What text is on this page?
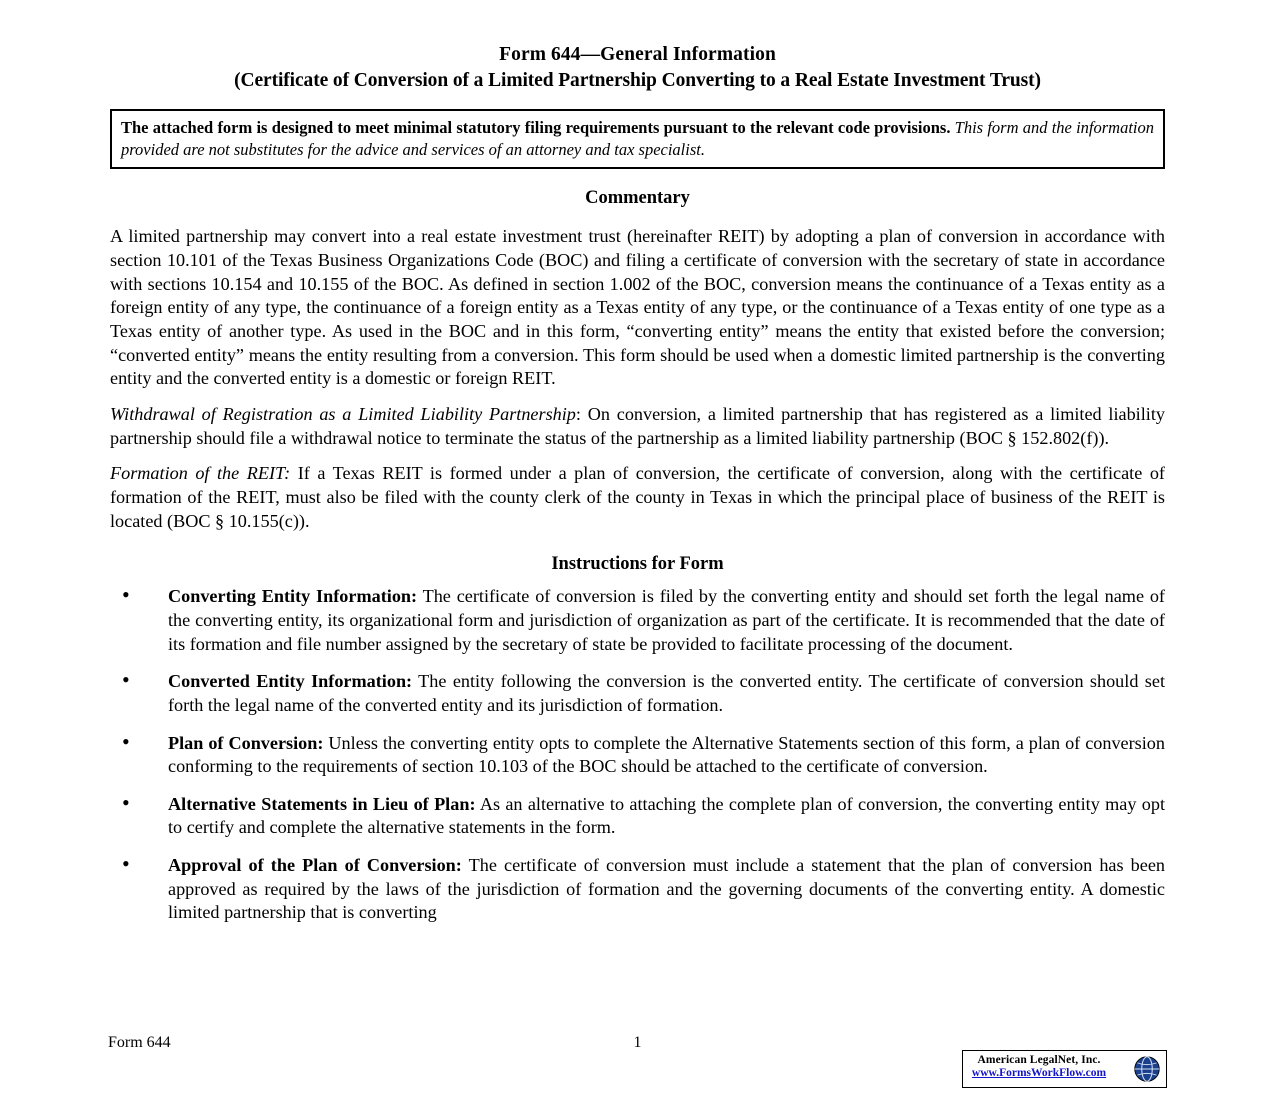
Form 644—General Information
(Certificate of Conversion of a Limited Partnership Converting to a Real Estate Investment Trust)
The attached form is designed to meet minimal statutory filing requirements pursuant to the relevant code provisions. This form and the information provided are not substitutes for the advice and services of an attorney and tax specialist.
Commentary

A limited partnership may convert into a real estate investment trust (hereinafter REIT) by adopting a plan of conversion in accordance with section 10.101 of the Texas Business Organizations Code (BOC) and filing a certificate of conversion with the secretary of state in accordance with sections 10.154 and 10.155 of the BOC. As defined in section 1.002 of the BOC, conversion means the continuance of a Texas entity as a foreign entity of any type, the continuance of a foreign entity as a Texas entity of any type, or the continuance of a Texas entity of one type as a Texas entity of another type. As used in the BOC and in this form, “converting entity” means the entity that existed before the conversion; “converted entity” means the entity resulting from a conversion. This form should be used when a domestic limited partnership is the converting entity and the converted entity is a domestic or foreign REIT.

Withdrawal of Registration as a Limited Liability Partnership: On conversion, a limited partnership that has registered as a limited liability partnership should file a withdrawal notice to terminate the status of the partnership as a limited liability partnership (BOC § 152.802(f)).

Formation of the REIT: If a Texas REIT is formed under a plan of conversion, the certificate of conversion, along with the certificate of formation of the REIT, must also be filed with the county clerk of the county in Texas in which the principal place of business of the REIT is located (BOC § 10.155(c)).

Instructions for Form
• Converting Entity Information: The certificate of conversion is filed by the converting entity and should set forth the legal name of the converting entity, its organizational form and jurisdiction of organization as part of the certificate. It is recommended that the date of its formation and file number assigned by the secretary of state be provided to facilitate processing of the document.
• Converted Entity Information: The entity following the conversion is the converted entity. The certificate of conversion should set forth the legal name of the converted entity and its jurisdiction of formation.
• Plan of Conversion: Unless the converting entity opts to complete the Alternative Statements section of this form, a plan of conversion conforming to the requirements of section 10.103 of the BOC should be attached to the certificate of conversion.
• Alternative Statements in Lieu of Plan: As an alternative to attaching the complete plan of conversion, the converting entity may opt to certify and complete the alternative statements in the form.
• Approval of the Plan of Conversion: The certificate of conversion must include a statement that the plan of conversion has been approved as required by the laws of the jurisdiction of formation and the governing documents of the converting entity. A domestic limited partnership that is converting
Form 644	1
American LegalNet, Inc.
www.FormsWorkFlow.com
